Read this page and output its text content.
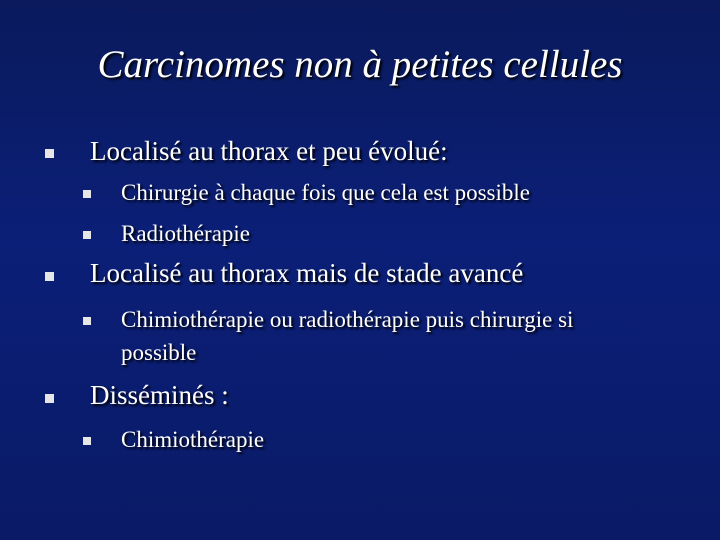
Carcinomes non à petites cellules
Localisé au thorax et peu évolué:
Chirurgie à chaque fois que cela est possible
Radiothérapie
Localisé au thorax mais de stade avancé
Chimiothérapie ou radiothérapie puis chirurgie si
possible
Disséminés :
Chimiothérapie
